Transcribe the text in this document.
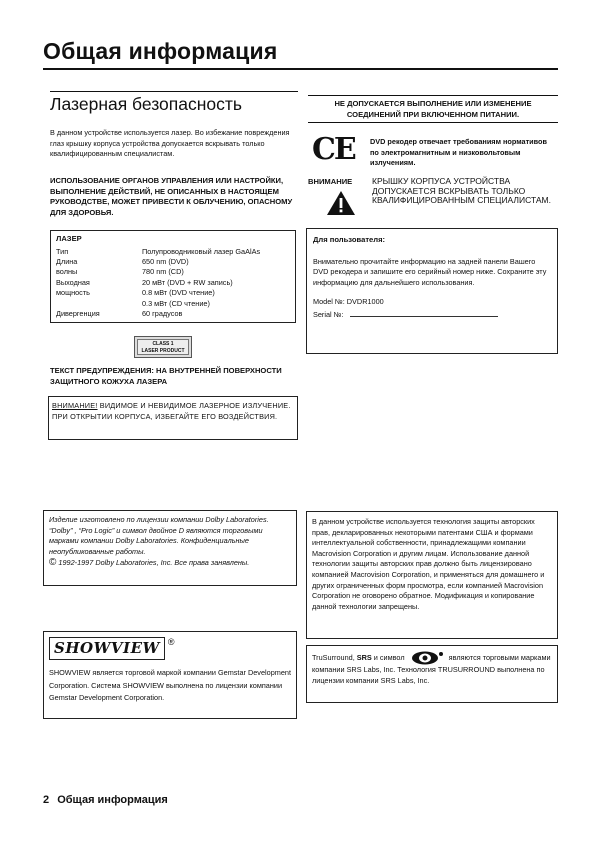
Общая информация
Лазерная безопасность
В данном устройстве используется лазер. Во избежание повреждения глаз крышку корпуса устройства допускается вскрывать только квалифицированным специалистам.
ИСПОЛЬЗОВАНИЕ ОРГАНОВ УПРАВЛЕНИЯ ИЛИ НАСТРОЙКИ, ВЫПОЛНЕНИЕ ДЕЙСТВИЙ, НЕ ОПИСАННЫХ В НАСТОЯЩЕМ РУКОВОДСТВЕ, МОЖЕТ ПРИВЕСТИ К ОБЛУЧЕНИЮ, ОПАСНОМУ ДЛЯ ЗДОРОВЬЯ.
ЛАЗЕР
Тип	Полупроводниковый лазер GaAlAs
Длина	650 nm (DVD)
волны	780 nm (CD)
Выходная	20 мВт (DVD + RW запись)
мощность	0.8 мВт (DVD чтение)
	0.3 мВт (CD чтение)
Дивергенция	60 градусов
CLASS 1
LASER PRODUCT
ТЕКСТ ПРЕДУПРЕЖДЕНИЯ: НА ВНУТРЕННЕЙ ПОВЕРХНОСТИ ЗАЩИТНОГО КОЖУХА ЛАЗЕРА
ВНИМАНИЕ! ВИДИМОЕ И НЕВИДИМОЕ ЛАЗЕРНОЕ ИЗЛУЧЕНИЕ. ПРИ ОТКРЫТИИ КОРПУСА, ИЗБЕГАЙТЕ ЕГО ВОЗДЕЙСТВИЯ.
НЕ ДОПУСКАЕТСЯ ВЫПОЛНЕНИЕ ИЛИ ИЗМЕНЕНИЕ СОЕДИНЕНИЙ ПРИ ВКЛЮЧЕННОМ ПИТАНИИ.
CE DVD рекодер отвечает требованиям нормативов по электромагнитным и низковольтовым излучениям.
ВНИМАНИЕ КРЫШКУ КОРПУСА УСТРОЙСТВА ДОПУСКАЕТСЯ ВСКРЫВАТЬ ТОЛЬКО КВАЛИФИЦИРОВАННЫМ СПЕЦИАЛИСТАМ.
Для пользователя:
Внимательно прочитайте информацию на задней панели Вашего DVD рекодера и запишите его серийный номер ниже. Сохраните эту информацию для дальнейшего использования.
Model №: DVDR1000
Serial №:
Изделие изготовлено по лицензии компании Dolby Laboratories. “Dolby” , “Pro Logic” и символ двойное D являются торговыми марками компании Dolby Laboratories. Конфиденциальные неопубликованные работы.
© 1992-1997 Dolby Laboratories, Inc. Все права занявлены.
В данном устройстве используется технология защиты авторских прав, декларированных некоторыми патентами США и формами интеллектуальной собственности, принадлежащими компании Macrovision Corporation и другим лицам. Использование данной технологии защиты авторских прав должно быть лицензировано компанией Macrovision Corporation, и применяться для домашнего и других ограниченных форм просмотра, если компанией Macrovision Corporation не оговорено обратное. Модификация и копирование данной технологии запрещены.
SHOWVIEW ®
SHOWVIEW является торговой маркой компании Gemstar Development Corporation. Система SHOWVIEW выполнена по лицензии компании Gemstar Development Corporation.
TruSurround, SRS и символ	являются торговыми марками компании SRS Labs, Inc. Технология TRUSURROUND выполнена по лицензии компании SRS Labs, Inc.
2 Общая информация
